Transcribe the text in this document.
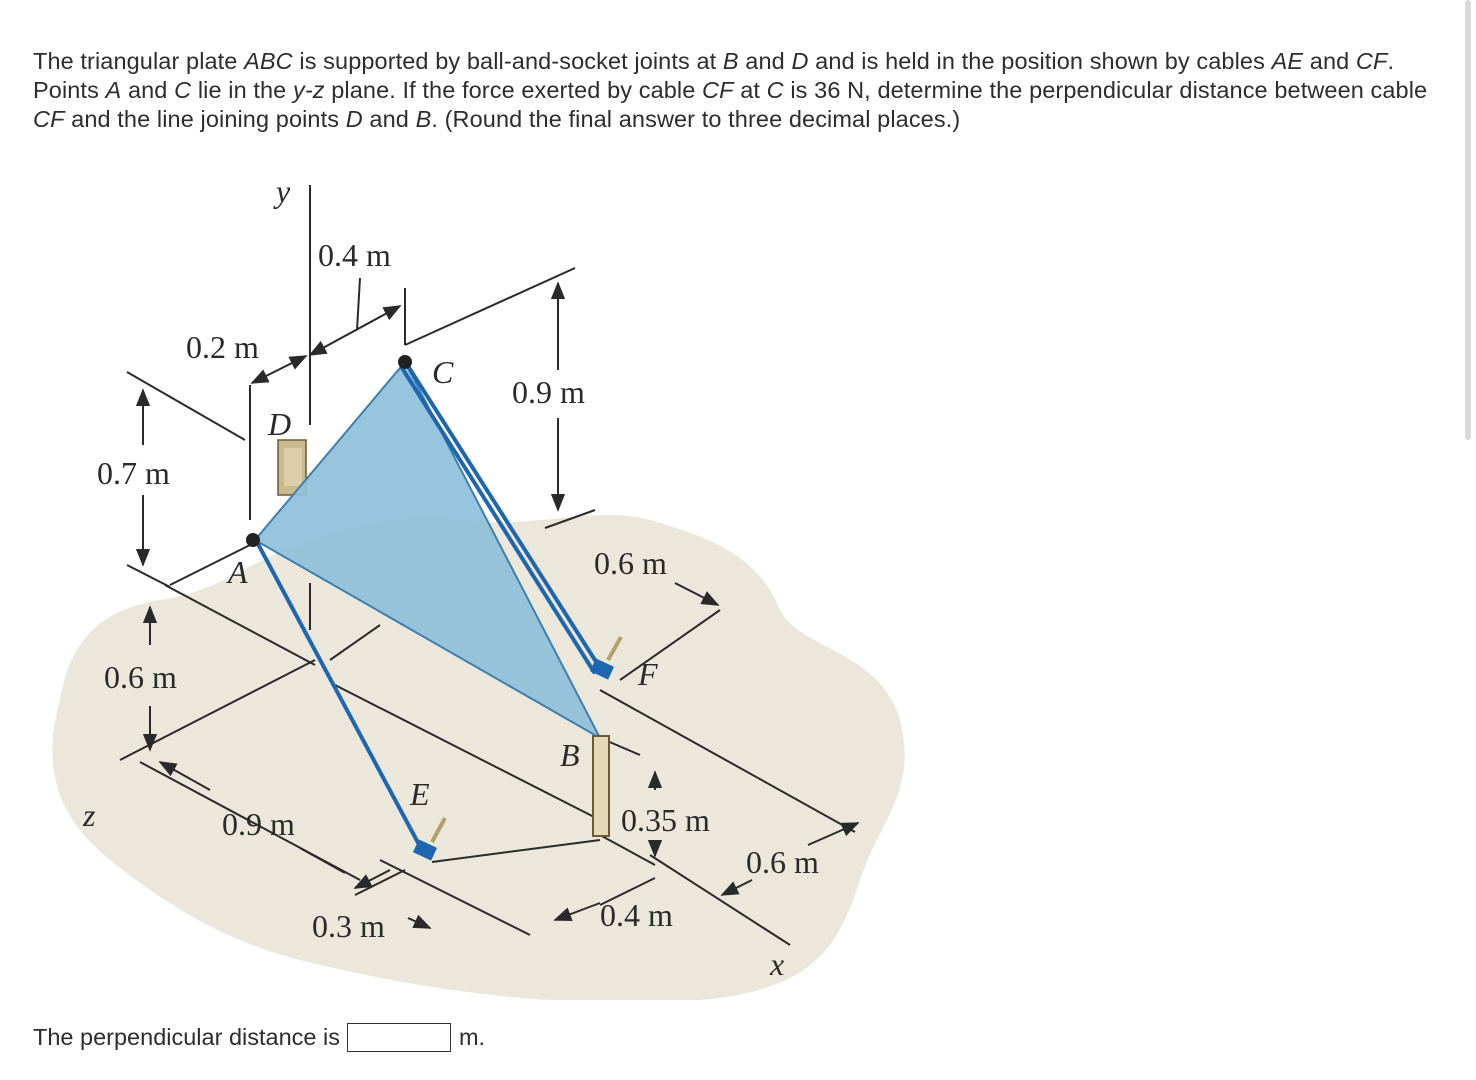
The triangular plate ABC is supported by ball-and-socket joints at B and D and is held in the position shown by cables AE and CF. Points A and C lie in the y-z plane. If the force exerted by cable CF at C is 36 N, determine the perpendicular distance between cable CF and the line joining points D and B. (Round the final answer to three decimal places.)

0.4 m
0.2 m
0.7 m
0.9 m
0.6 m
0.6 m
0.9 m
0.3 m
0.35 m
0.4 m
0.6 m
A
B
C
D
E
F
y
x
z
The perpendicular distance is	m.
